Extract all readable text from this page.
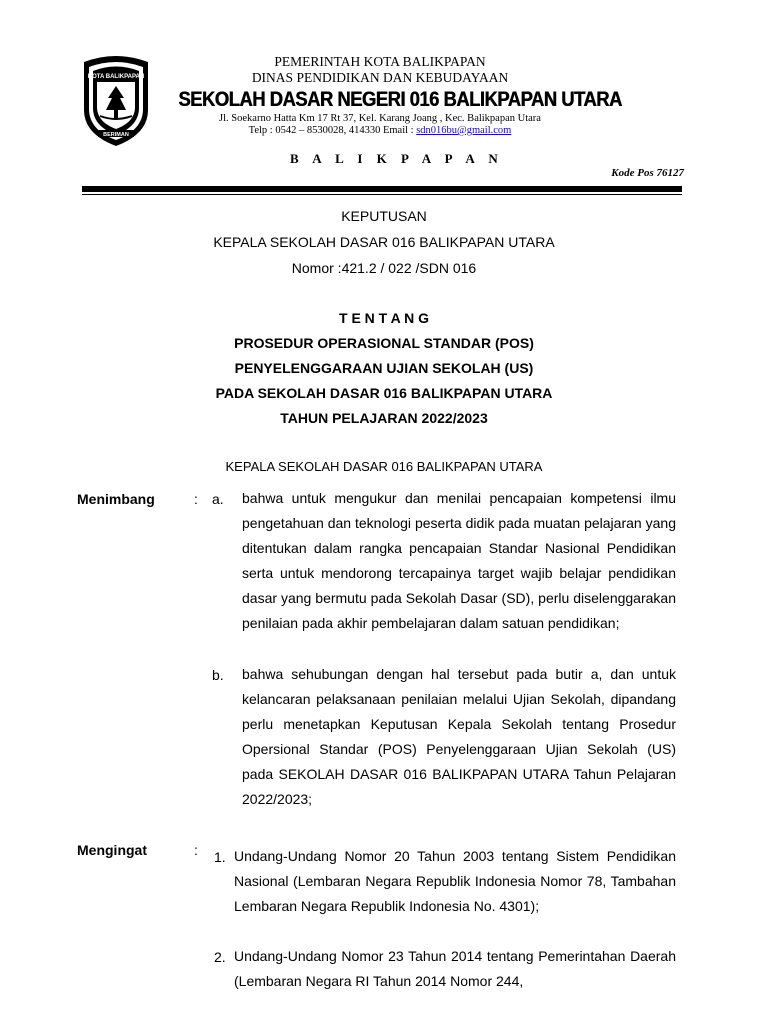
KOTA BALIKPAPAN
BERIMAN
PEMERINTAH KOTA BALIKPAPAN
DINAS PENDIDIKAN DAN KEBUDAYAAN
SEKOLAH DASAR NEGERI 016 BALIKPAPAN UTARA
Jl. Soekarno Hatta Km 17 Rt 37, Kel. Karang Joang , Kec. Balikpapan Utara
Telp : 0542 – 8530028, 414330 Email : sdn016bu@gmail.com
B A L I K P A P A N
Kode Pos 76127
KEPUTUSAN
KEPALA SEKOLAH DASAR 016 BALIKPAPAN UTARA
Nomor :421.2 / 022 /SDN 016
T E N T A N G
PROSEDUR OPERASIONAL STANDAR (POS)
PENYELENGGARAAN UJIAN SEKOLAH (US)
PADA SEKOLAH DASAR 016 BALIKPAPAN UTARA
TAHUN PELAJARAN 2022/2023
KEPALA SEKOLAH DASAR 016 BALIKPAPAN UTARA
Menimbang	: a. bahwa untuk mengukur dan menilai pencapaian kompetensi ilmu pengetahuan dan teknologi peserta didik pada muatan pelajaran yang ditentukan dalam rangka pencapaian Standar Nasional Pendidikan serta untuk mendorong tercapainya target wajib belajar pendidikan dasar yang bermutu pada Sekolah Dasar (SD), perlu diselenggarakan penilaian pada akhir pembelajaran dalam satuan pendidikan;

b. bahwa sehubungan dengan hal tersebut pada butir a, dan untuk kelancaran pelaksanaan penilaian melalui Ujian Sekolah, dipandang perlu menetapkan Keputusan Kepala Sekolah tentang Prosedur Opersional Standar (POS) Penyelenggaraan Ujian Sekolah (US) pada SEKOLAH DASAR 016 BALIKPAPAN UTARA Tahun Pelajaran 2022/2023;

Mengingat	: 1. Undang-Undang Nomor 20 Tahun 2003 tentang Sistem Pendidikan Nasional (Lembaran Negara Republik Indonesia Nomor 78, Tambahan Lembaran Negara Republik Indonesia No. 4301);

2. Undang-Undang Nomor 23 Tahun 2014 tentang Pemerintahan Daerah (Lembaran Negara RI Tahun 2014 Nomor 244,
